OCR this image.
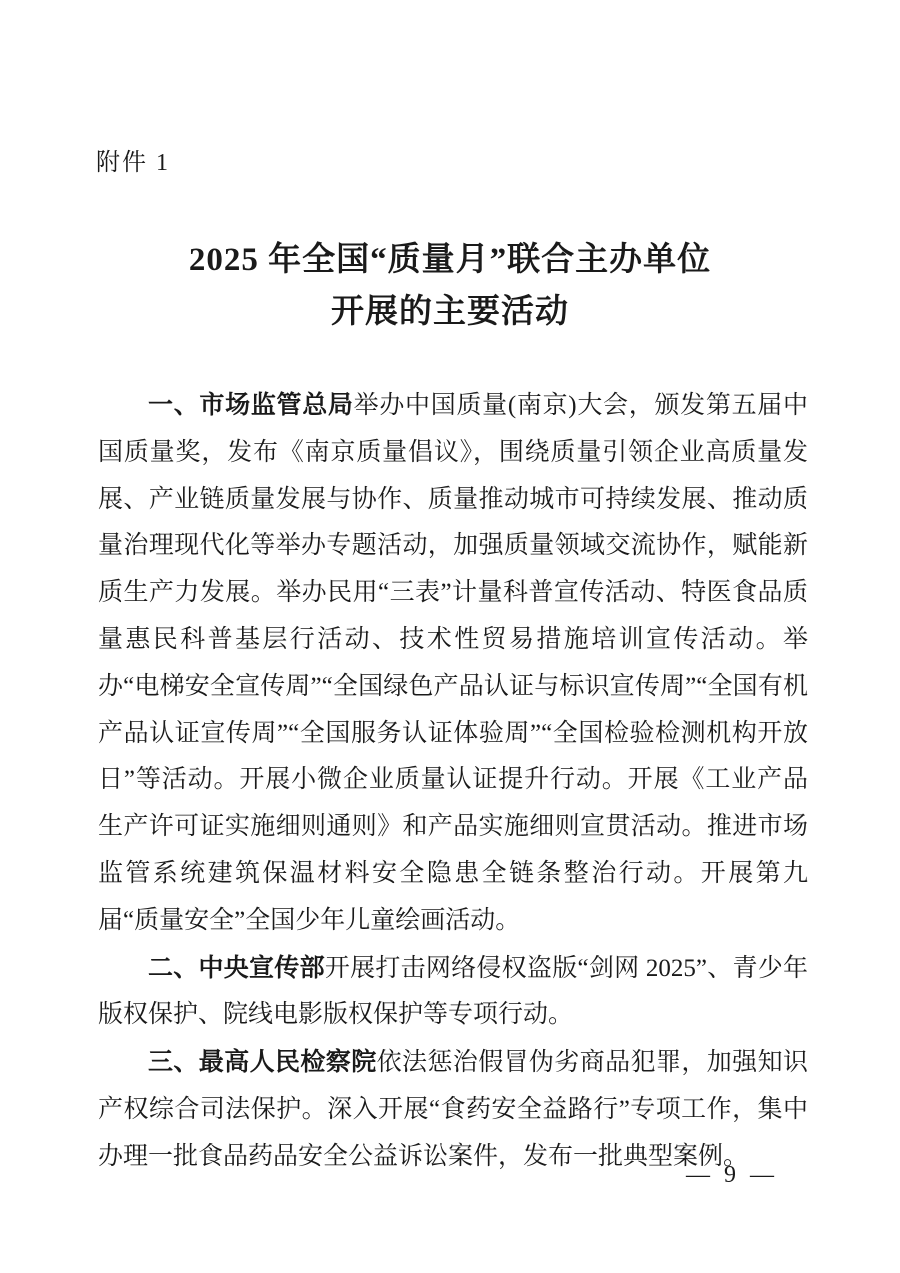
附件 1
2025 年全国“质量月”联合主办单位
开展的主要活动

一、市场监管总局举办中国质量(南京)大会，颁发第五届中国质量奖，发布《南京质量倡议》，围绕质量引领企业高质量发展、产业链质量发展与协作、质量推动城市可持续发展、推动质量治理现代化等举办专题活动，加强质量领域交流协作，赋能新质生产力发展。举办民用“三表”计量科普宣传活动、特医食品质量惠民科普基层行活动、技术性贸易措施培训宣传活动。举办“电梯安全宣传周”“全国绿色产品认证与标识宣传周”“全国有机产品认证宣传周”“全国服务认证体验周”“全国检验检测机构开放日”等活动。开展小微企业质量认证提升行动。开展《工业产品生产许可证实施细则通则》和产品实施细则宣贯活动。推进市场监管系统建筑保温材料安全隐患全链条整治行动。开展第九届“质量安全”全国少年儿童绘画活动。

二、中央宣传部开展打击网络侵权盗版“剑网 2025”、青少年版权保护、院线电影版权保护等专项行动。

三、最高人民检察院依法惩治假冒伪劣商品犯罪，加强知识产权综合司法保护。深入开展“食药安全益路行”专项工作，集中办理一批食品药品安全公益诉讼案件，发布一批典型案例。

— 9 —
